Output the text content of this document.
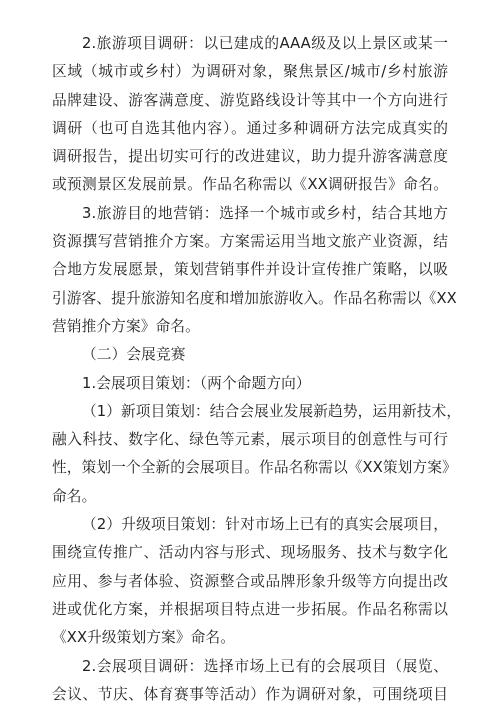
2.旅游项目调研：以已建成的AAA级及以上景区或某一
区域（城市或乡村）为调研对象，聚焦景区/城市/乡村旅游
品牌建设、游客满意度、游览路线设计等其中一个方向进行
调研（也可自选其他内容）。通过多种调研方法完成真实的
调研报告，提出切实可行的改进建议，助力提升游客满意度
或预测景区发展前景。作品名称需以《XX调研报告》命名。
3.旅游目的地营销：选择一个城市或乡村，结合其地方
资源撰写营销推介方案。方案需运用当地文旅产业资源，结
合地方发展愿景，策划营销事件并设计宣传推广策略，以吸
引游客、提升旅游知名度和增加旅游收入。作品名称需以《XX
营销推介方案》命名。
（二）会展竞赛
1.会展项目策划：（两个命题方向）
（1）新项目策划：结合会展业发展新趋势，运用新技术，
融入科技、数字化、绿色等元素，展示项目的创意性与可行
性，策划一个全新的会展项目。作品名称需以《XX策划方案》
命名。
（2）升级项目策划：针对市场上已有的真实会展项目，
围绕宣传推广、活动内容与形式、现场服务、技术与数字化
应用、参与者体验、资源整合或品牌形象升级等方向提出改
进或优化方案，并根据项目特点进一步拓展。作品名称需以
《XX升级策划方案》命名。
2.会展项目调研：选择市场上已有的会展项目（展览、
会议、节庆、体育赛事等活动）作为调研对象，可围绕项目
